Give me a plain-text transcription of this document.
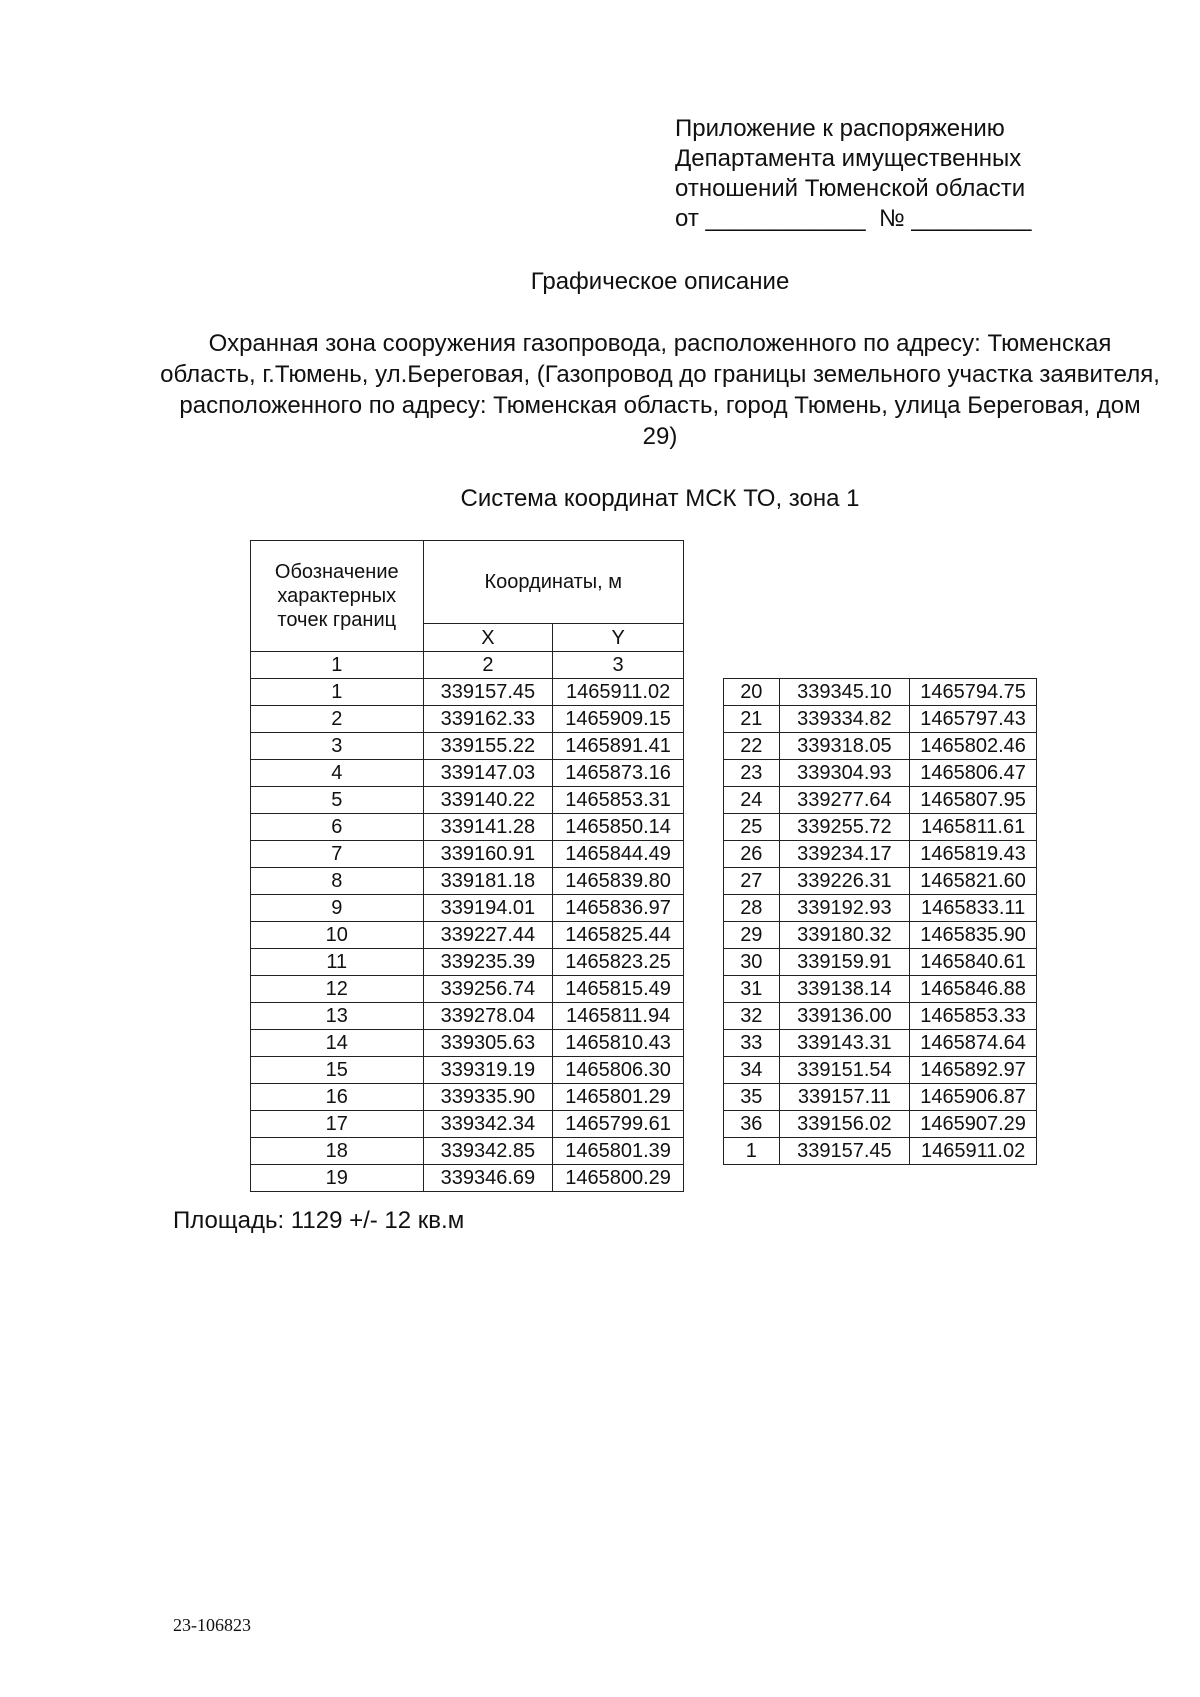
Приложение к распоряжению
Департамента имущественных
отношений Тюменской области
от ____________  № _________
Графическое описание
Охранная зона сооружения газопровода, расположенного по адресу: Тюменская область, г.Тюмень, ул.Береговая, (Газопровод до границы земельного участка заявителя, расположенного по адресу: Тюменская область, город Тюмень, улица Береговая, дом 29)
Система координат МСК ТО, зона 1
Обозначение характерных точек границ	Координаты, м	
	X	Y
1	2	3
1	339157.45	1465911.02
2	339162.33	1465909.15
3	339155.22	1465891.41
4	339147.03	1465873.16
5	339140.22	1465853.31
6	339141.28	1465850.14
7	339160.91	1465844.49
8	339181.18	1465839.80
9	339194.01	1465836.97
10	339227.44	1465825.44
11	339235.39	1465823.25
12	339256.74	1465815.49
13	339278.04	1465811.94
14	339305.63	1465810.43
15	339319.19	1465806.30
16	339335.90	1465801.29
17	339342.34	1465799.61
18	339342.85	1465801.39
19	339346.69	1465800.29
20	339345.10	1465794.75
21	339334.82	1465797.43
22	339318.05	1465802.46
23	339304.93	1465806.47
24	339277.64	1465807.95
25	339255.72	1465811.61
26	339234.17	1465819.43
27	339226.31	1465821.60
28	339192.93	1465833.11
29	339180.32	1465835.90
30	339159.91	1465840.61
31	339138.14	1465846.88
32	339136.00	1465853.33
33	339143.31	1465874.64
34	339151.54	1465892.97
35	339157.11	1465906.87
36	339156.02	1465907.29
1	339157.45	1465911.02
Площадь: 1129 +/- 12 кв.м
23-106823
